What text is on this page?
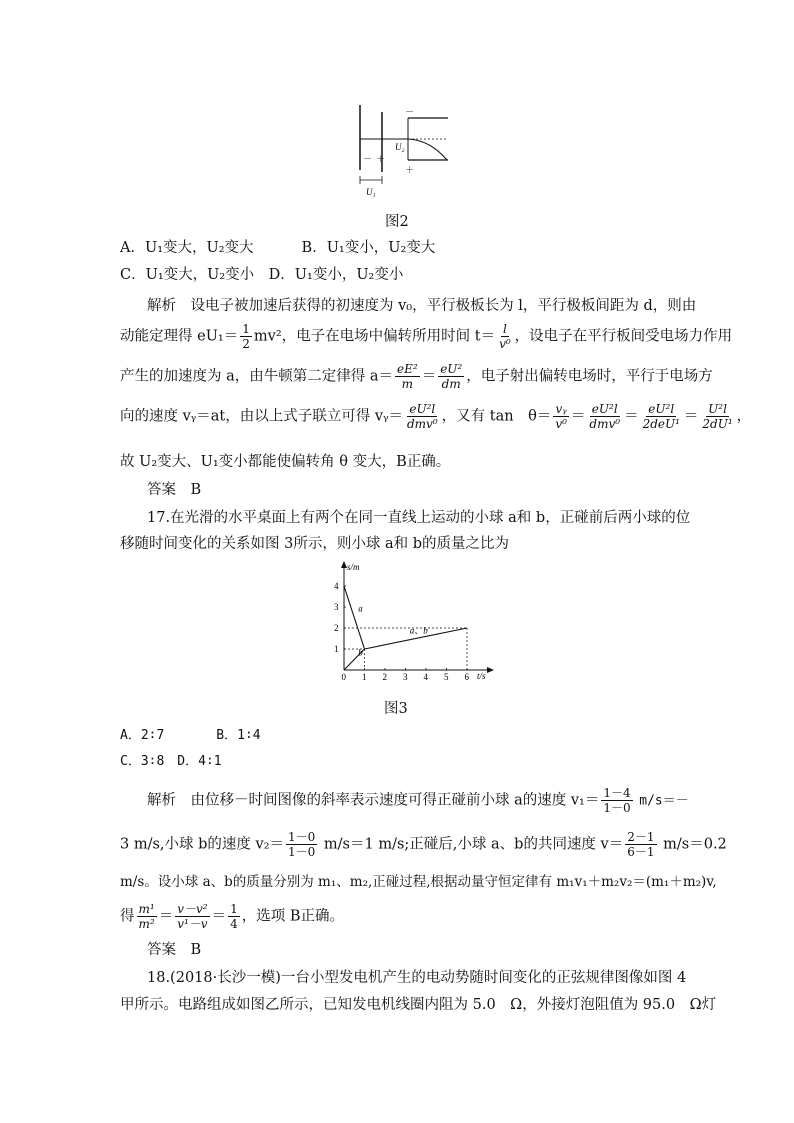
－
U₂
＋
－ ＋
U₁
图2
A．U₁变大，U₂变大	B．U₁变小，U₂变大
C．U₁变大，U₂变小　D．U₁变小，U₂变小
解析　 设电子被加速后获得的初速度为 v₀，平行极板长为 l，平行极板间距为 d，则由
动能定理得 $eU_1= \frac{1}{2} mv^2$，电子在电场中偏转所用时间 $t= \frac{l}{\text{v⁰}}$ ，设电子在平行板间受电场力作用
产生的加速度为 a，由牛顿第二定律得 $a= \frac{\text{eE²}}{m} = \frac{\text{eU²}}{dm}$ ，电子射出偏转电场时，平行于电场方
向的速度 vᵧ＝at，由以上式子联立可得 vᵧ＝ $\frac{\text{eU²l}}{\text{dmv⁰}}$ ，又有 tan　$\theta= \frac{\text{vᵧ}}{\text{v⁰}} = \frac{\text{eU²l}}{\text{dmv⁰}} = \frac{\text{eU²l}}{\text{2deU¹}} = \frac{\text{U²l}}{\text{2dU¹}}$ ，
故 U₂变大、U₁变小都能使偏转角 θ 变大，B正确。
答案　 B
17.在光滑的水平桌面上有两个在同一直线上运动的小球 a和 b，正碰前后两小球的位
移随时间变化的关系如图 3所示，则小球 a和 b的质量之比为
0 1 2 3 4 5 6
1
2
3
4
a
b
a、b
s/m
t/s
图3
A．2∶7　　　　B．1∶4
C．3∶8　D．4∶1
解析　 由位移－时间图像的斜率表示速度可得正碰前小球 a的速度 $v_1= \frac{1-4}{1-0} m/s=-$
3 m/s,小球 b的速度 $v_2= \frac{1-0}{1-0} m/s=1$ m/s;正碰后,小球 a、b的共同速度 $v= \frac{2-1}{6-1} m/s=0.2$
m/s。设小球 a、b的质量分别为 m₁、m₂,正碰过程,根据动量守恒定律有 m₁v₁＋m₂v₂＝(m₁＋m₂)v,
得 $\frac{\text{m¹}}{\text{m²}} = \frac{\text{v－v²}}{\text{v¹－v}} = \frac{1}{4}$ ，选项 B正确。
答案　 B
18.(2018·长沙一模)一台小型发电机产生的电动势随时间变化的正弦规律图像如图 4
甲所示。电路组成如图乙所示，已知发电机线圈内阻为 5.0　Ω，外接灯泡阻值为 95.0　Ω灯
